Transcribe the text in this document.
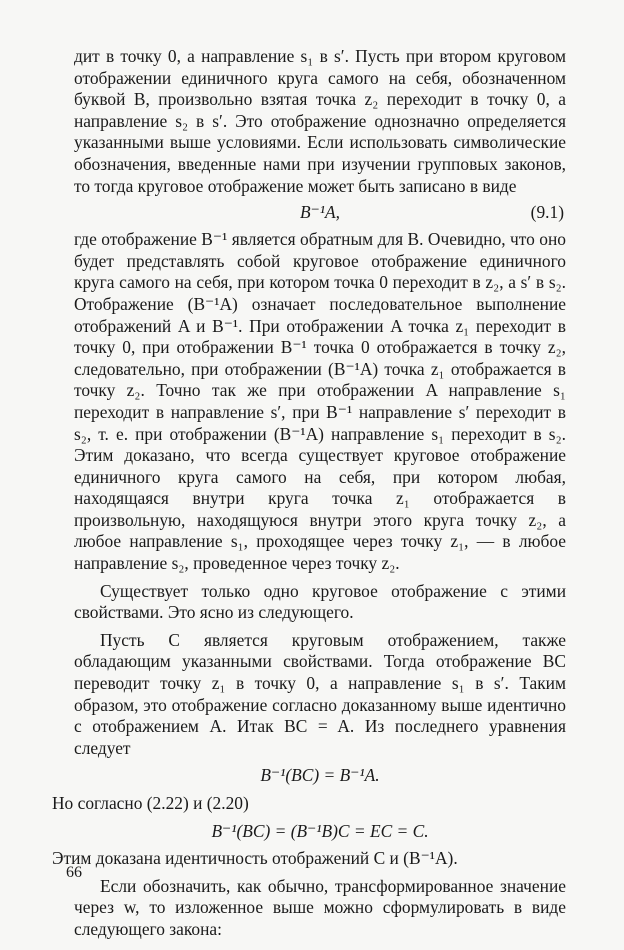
дит в точку 0, а направление s₁ в s′. Пусть при втором круговом отображении единичного круга самого на себя, обозначенном буквой B, произвольно взятая точка z₂ переходит в точку 0, а направление s₂ в s′. Это отображение однозначно определяется указанными выше условиями. Если использовать символические обозначения, введенные нами при изучении групповых законов, то тогда круговое отображение может быть записано в виде

B⁻¹A,	(9.1)

где отображение B⁻¹ является обратным для B. Очевидно, что оно будет представлять собой круговое отображение единичного круга самого на себя, при котором точка 0 переходит в z₂, а s′ в s₂. Отображение (B⁻¹A) означает последовательное выполнение отображений A и B⁻¹. При отображении A точка z₁ переходит в точку 0, при отображении B⁻¹ точка 0 отображается в точку z₂, следовательно, при отображении (B⁻¹A) точка z₁ отображается в точку z₂. Точно так же при отображении A направление s₁ переходит в направление s′, при B⁻¹ направление s′ переходит в s₂, т. е. при отображении (B⁻¹A) направление s₁ переходит в s₂. Этим доказано, что всегда существует круговое отображение единичного круга самого на себя, при котором любая, находящаяся внутри круга точка z₁ отображается в произвольную, находящуюся внутри этого круга точку z₂, а любое направление s₁, проходящее через точку z₁, — в любое направление s₂, проведенное через точку z₂.

Существует только одно круговое отображение с этими свойствами. Это ясно из следующего.

Пусть C является круговым отображением, также обладающим указанными свойствами. Тогда отображение BC переводит точку z₁ в точку 0, а направление s₁ в s′. Таким образом, это отображение согласно доказанному выше идентично с отображением A. Итак BC = A. Из последнего уравнения следует

B⁻¹(BC) = B⁻¹A.

Но согласно (2.22) и (2.20)

B⁻¹(BC) = (B⁻¹B)C = EC = C.

Этим доказана идентичность отображений C и (B⁻¹A).

Если обозначить, как обычно, трансформированное значение через w, то изложенное выше можно сформулировать в виде следующего закона:

66
